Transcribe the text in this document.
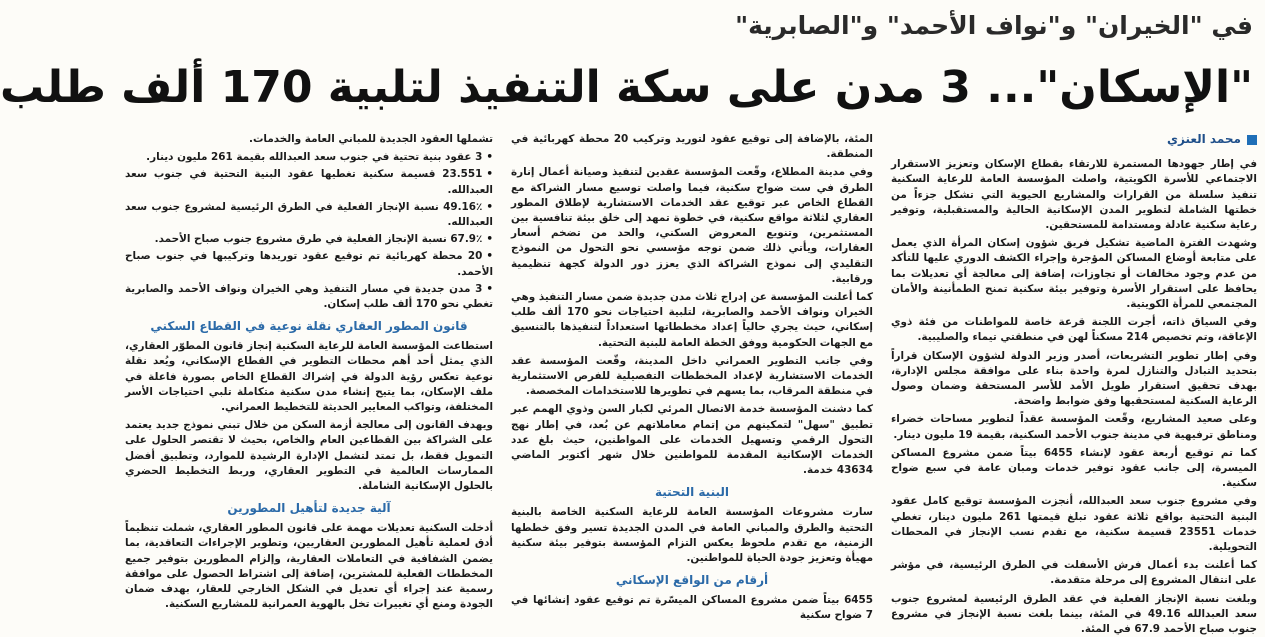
في "الخيران" و"نواف الأحمد" و"الصابرية"
"الإسكان"... 3 مدن على سكة التنفيذ لتلبية 170 ألف طلب
محمد العنزي

في إطار جهودها المستمرة للارتقاء بقطاع الإسكان وتعزيز الاستقرار الاجتماعي للأسرة الكويتية، واصلت المؤسسة العامة للرعاية السكنية تنفيذ سلسلة من القرارات والمشاريع الحيوية التي تشكل جزءاً من خطتها الشاملة لتطوير المدن الإسكانية الحالية والمستقبلية، وتوفير رعاية سكنية عادلة ومستدامة للمستحقين.

وشهدت الفترة الماضية تشكيل فريق شؤون إسكان المرأة الذي يعمل على متابعة أوضاع المساكن المؤجرة وإجراء الكشف الدوري عليها للتأكد من عدم وجود مخالفات أو تجاوزات، إضافة إلى معالجة أي تعديلات بما يحافظ على استقرار الأسرة وتوفير بيئة سكنية تمنح الطمأنينة والأمان المجتمعي للمرأة الكويتية.

وفي السياق ذاته، أجرت اللجنة قرعة خاصة للمواطنات من فئة ذوي الإعاقة، وتم تخصيص 214 مسكناً لهن في منطقتي تيماء والصليبية.

وفي إطار تطوير التشريعات، أصدر وزير الدولة لشؤون الإسكان قراراً بتحديد التبادل والتنازل لمرة واحدة بناء على موافقة مجلس الإدارة، بهدف تحقيق استقرار طويل الأمد للأسر المستحقة وضمان وصول الرعاية السكنية لمستحقيها وفق ضوابط واضحة.

وعلى صعيد المشاريع، وقّعت المؤسسة عقداً لتطوير مساحات خضراء ومناطق ترفيهية في مدينة جنوب الأحمد السكنية، بقيمة 19 مليون دينار.

كما تم توقيع أربعة عقود لإنشاء 6455 بيتاً ضمن مشروع المساكن الميسرة، إلى جانب عقود توفير خدمات ومبان عامة في سبع ضواح سكنية.

وفي مشروع جنوب سعد العبدالله، أنجزت المؤسسة توقيع كامل عقود البنية التحتية بواقع ثلاثة عقود تبلغ قيمتها 261 مليون دينار، تغطي خدمات 23551 قسيمة سكنية، مع تقدم نسب الإنجاز في المحطات التحويلية.

كما أعلنت بدء أعمال فرش الأسفلت في الطرق الرئيسية، في مؤشر على انتقال المشروع إلى مرحلة متقدمة.

وبلغت نسبة الإنجاز الفعلية في عقد الطرق الرئيسية لمشروع جنوب سعد العبدالله 49.16 في المئة، بينما بلغت نسبة الإنجاز في مشروع جنوب صباح الأحمد 67.9 في المئة.

المئة، بالإضافة إلى توقيع عقود لتوريد وتركيب 20 محطة كهربائية في المنطقة.

وفي مدينة المطلاع، وقّعت المؤسسة عقدين لتنفيذ وصيانة أعمال إنارة الطرق في ست ضواح سكنية، فيما واصلت توسيع مسار الشراكة مع القطاع الخاص عبر توقيع عقد الخدمات الاستشارية لإطلاق المطور العقاري لثلاثة مواقع سكنية، في خطوة تمهد إلى خلق بيئة تنافسية بين المستثمرين، وتنويع المعروض السكني، والحد من تضخم أسعار العقارات، ويأتي ذلك ضمن توجه مؤسسي نحو التحول من النموذج التقليدي إلى نموذج الشراكة الذي يعزز دور الدولة كجهة تنظيمية ورقابية.

كما أعلنت المؤسسة عن إدراج ثلاث مدن جديدة ضمن مسار التنفيذ وهي الخيران ونواف الأحمد والصابرية، لتلبية احتياجات نحو 170 ألف طلب إسكاني، حيث يجري حالياً إعداد مخططاتها استعداداً لتنفيذها بالتنسيق مع الجهات الحكومية ووفق الخطة العامة للبنية التحتية.

وفي جانب التطوير العمراني داخل المدينة، وقّعت المؤسسة عقد الخدمات الاستشارية لإعداد المخططات التفصيلية للفرص الاستثمارية في منطقة المرقاب، بما يسهم في تطويرها للاستخدامات المخصصة.

كما دشنت المؤسسة خدمة الاتصال المرئي لكبار السن وذوي الهمم عبر تطبيق "سهل" لتمكينهم من إتمام معاملاتهم عن بُعد، في إطار نهج التحول الرقمي وتسهيل الخدمات على المواطنين، حيث بلغ عدد الخدمات الإسكانية المقدمة للمواطنين خلال شهر أكتوبر الماضي 43634 خدمة.

البنية التحتية

سارت مشروعات المؤسسة العامة للرعاية السكنية الخاصة بالبنية التحتية والطرق والمباني العامة في المدن الجديدة تسير وفق خططها الزمنية، مع تقدم ملحوظ يعكس التزام المؤسسة بتوفير بيئة سكنية مهيأة وتعزيز جودة الحياة للمواطنين.

أرقام من الواقع الإسكاني

6455 بيتاً ضمن مشروع المساكن الميسّرة تم توقيع عقود إنشائها في 7 ضواح سكنية

تشملها العقود الجديدة للمباني العامة والخدمات.

• 3 عقود بنية تحتية في جنوب سعد العبدالله بقيمة 261 مليون دينار.

• 23.551 قسيمة سكنية تغطيها عقود البنية التحتية في جنوب سعد العبدالله.

• 49.16٪ نسبة الإنجاز الفعلية في الطرق الرئيسية لمشروع جنوب سعد العبدالله.

• 67.9٪ نسبة الإنجاز الفعلية في طرق مشروع جنوب صباح الأحمد.

• 20 محطة كهربائية تم توقيع عقود توريدها وتركيبها في جنوب صباح الأحمد.

• 3 مدن جديدة في مسار التنفيذ وهي الخيران ونواف الأحمد والصابرية تغطي نحو 170 ألف طلب إسكان.

قانون المطور العقاري نقلة نوعية في القطاع السكني

استطاعت المؤسسة العامة للرعاية السكنية إنجاز قانون المطوّر العقاري، الذي يمثل أحد أهم محطات التطوير في القطاع الإسكاني، ويُعد نقلة نوعية تعكس رؤية الدولة في إشراك القطاع الخاص بصورة فاعلة في ملف الإسكان، بما يتيح إنشاء مدن سكنية متكاملة تلبي احتياجات الأسر المختلفة، وتواكب المعايير الحديثة للتخطيط العمراني.

ويهدف القانون إلى معالجة أزمة السكن من خلال تبني نموذج جديد يعتمد على الشراكة بين القطاعين العام والخاص، بحيث لا تقتصر الحلول على التمويل فقط، بل تمتد لتشمل الإدارة الرشيدة للموارد، وتطبيق أفضل الممارسات العالمية في التطوير العقاري، وربط التخطيط الحضري بالحلول الإسكانية الشاملة.

آلية جديدة لتأهيل المطورين

أدخلت السكنية تعديلات مهمة على قانون المطور العقاري، شملت تنظيماً أدق لعملية تأهيل المطورين العقاريين، وتطوير الإجراءات التعاقدية، بما يضمن الشفافية في التعاملات العقارية، وإلزام المطورين بتوفير جميع المخططات الفعلية للمشترين، إضافة إلى اشتراط الحصول على موافقة رسمية عند إجراء أي تعديل في الشكل الخارجي للعقار، بهدف ضمان الجودة ومنع أي تغييرات تخل بالهوية العمرانية للمشاريع السكنية.
